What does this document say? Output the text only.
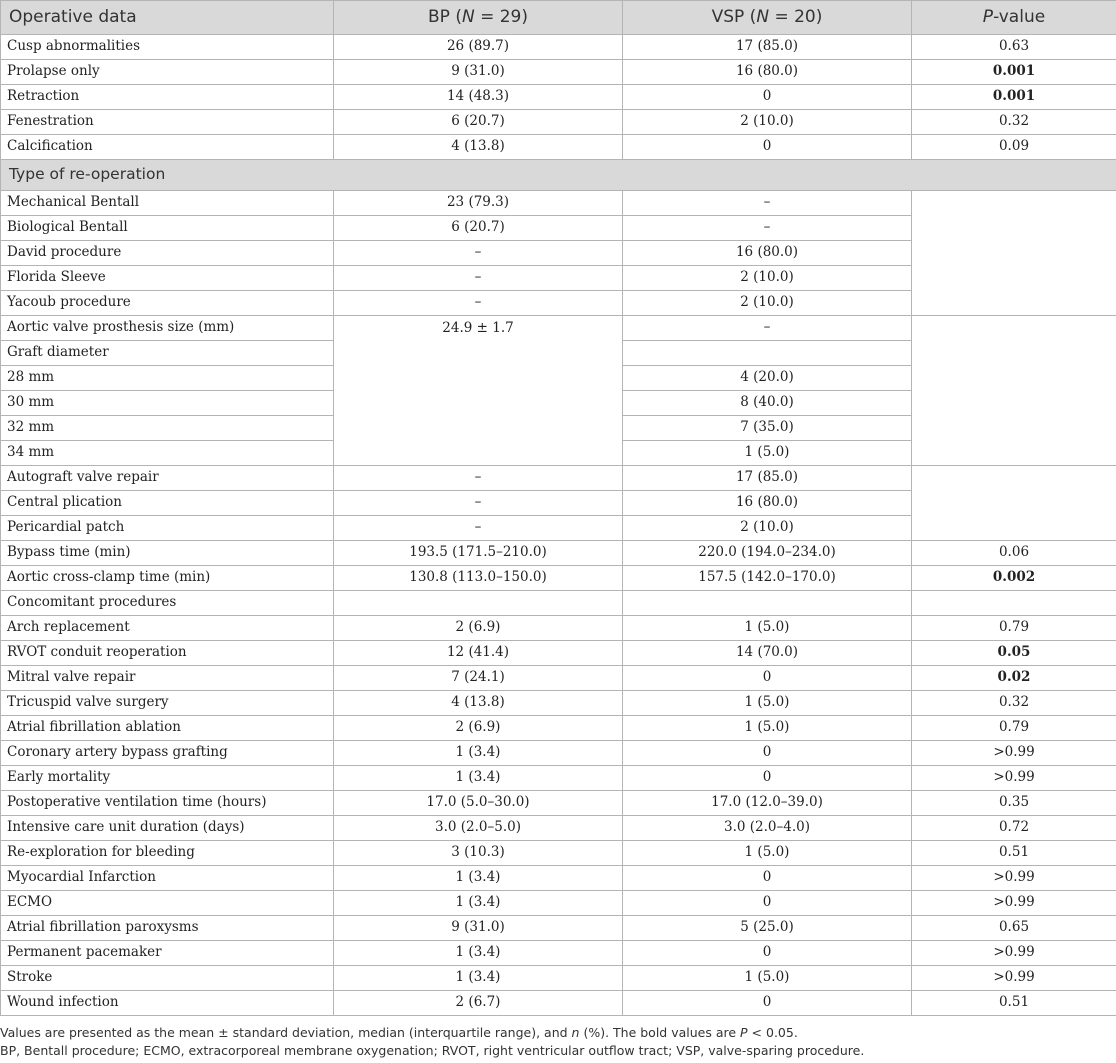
Operative data	BP (N = 29)	VSP (N = 20)	P-value
Cusp abnormalities	26 (89.7)	17 (85.0)	0.63
Prolapse only	9 (31.0)	16 (80.0)	0.001
Retraction	14 (48.3)	0	0.001
Fenestration	6 (20.7)	2 (10.0)	0.32
Calcification	4 (13.8)	0	0.09
Type of re-operation			
Mechanical Bentall	23 (79.3)	–	
Biological Bentall	6 (20.7)	–	
David procedure	–	16 (80.0)	
Florida Sleeve	–	2 (10.0)	
Yacoub procedure	–	2 (10.0)	
Aortic valve prosthesis size (mm)	24.9 ± 1.7	–	
Graft diameter			
28 mm		4 (20.0)	
30 mm		8 (40.0)	
32 mm		7 (35.0)	
34 mm		1 (5.0)	
Autograft valve repair	–	17 (85.0)	
Central plication	–	16 (80.0)	
Pericardial patch	–	2 (10.0)	
Bypass time (min)	193.5 (171.5–210.0)	220.0 (194.0–234.0)	0.06
Aortic cross-clamp time (min)	130.8 (113.0–150.0)	157.5 (142.0–170.0)	0.002
Concomitant procedures			
Arch replacement	2 (6.9)	1 (5.0)	0.79
RVOT conduit reoperation	12 (41.4)	14 (70.0)	0.05
Mitral valve repair	7 (24.1)	0	0.02
Tricuspid valve surgery	4 (13.8)	1 (5.0)	0.32
Atrial fibrillation ablation	2 (6.9)	1 (5.0)	0.79
Coronary artery bypass grafting	1 (3.4)	0	>0.99
Early mortality	1 (3.4)	0	>0.99
Postoperative ventilation time (hours)	17.0 (5.0–30.0)	17.0 (12.0–39.0)	0.35
Intensive care unit duration (days)	3.0 (2.0–5.0)	3.0 (2.0–4.0)	0.72
Re-exploration for bleeding	3 (10.3)	1 (5.0)	0.51
Myocardial Infarction	1 (3.4)	0	>0.99
ECMO	1 (3.4)	0	>0.99
Atrial fibrillation paroxysms	9 (31.0)	5 (25.0)	0.65
Permanent pacemaker	1 (3.4)	0	>0.99
Stroke	1 (3.4)	1 (5.0)	>0.99
Wound infection	2 (6.7)	0	0.51

Values are presented as the mean ± standard deviation, median (interquartile range), and n (%). The bold values are P < 0.05.

BP, Bentall procedure; ECMO, extracorporeal membrane oxygenation; RVOT, right ventricular outflow tract; VSP, valve-sparing procedure.
